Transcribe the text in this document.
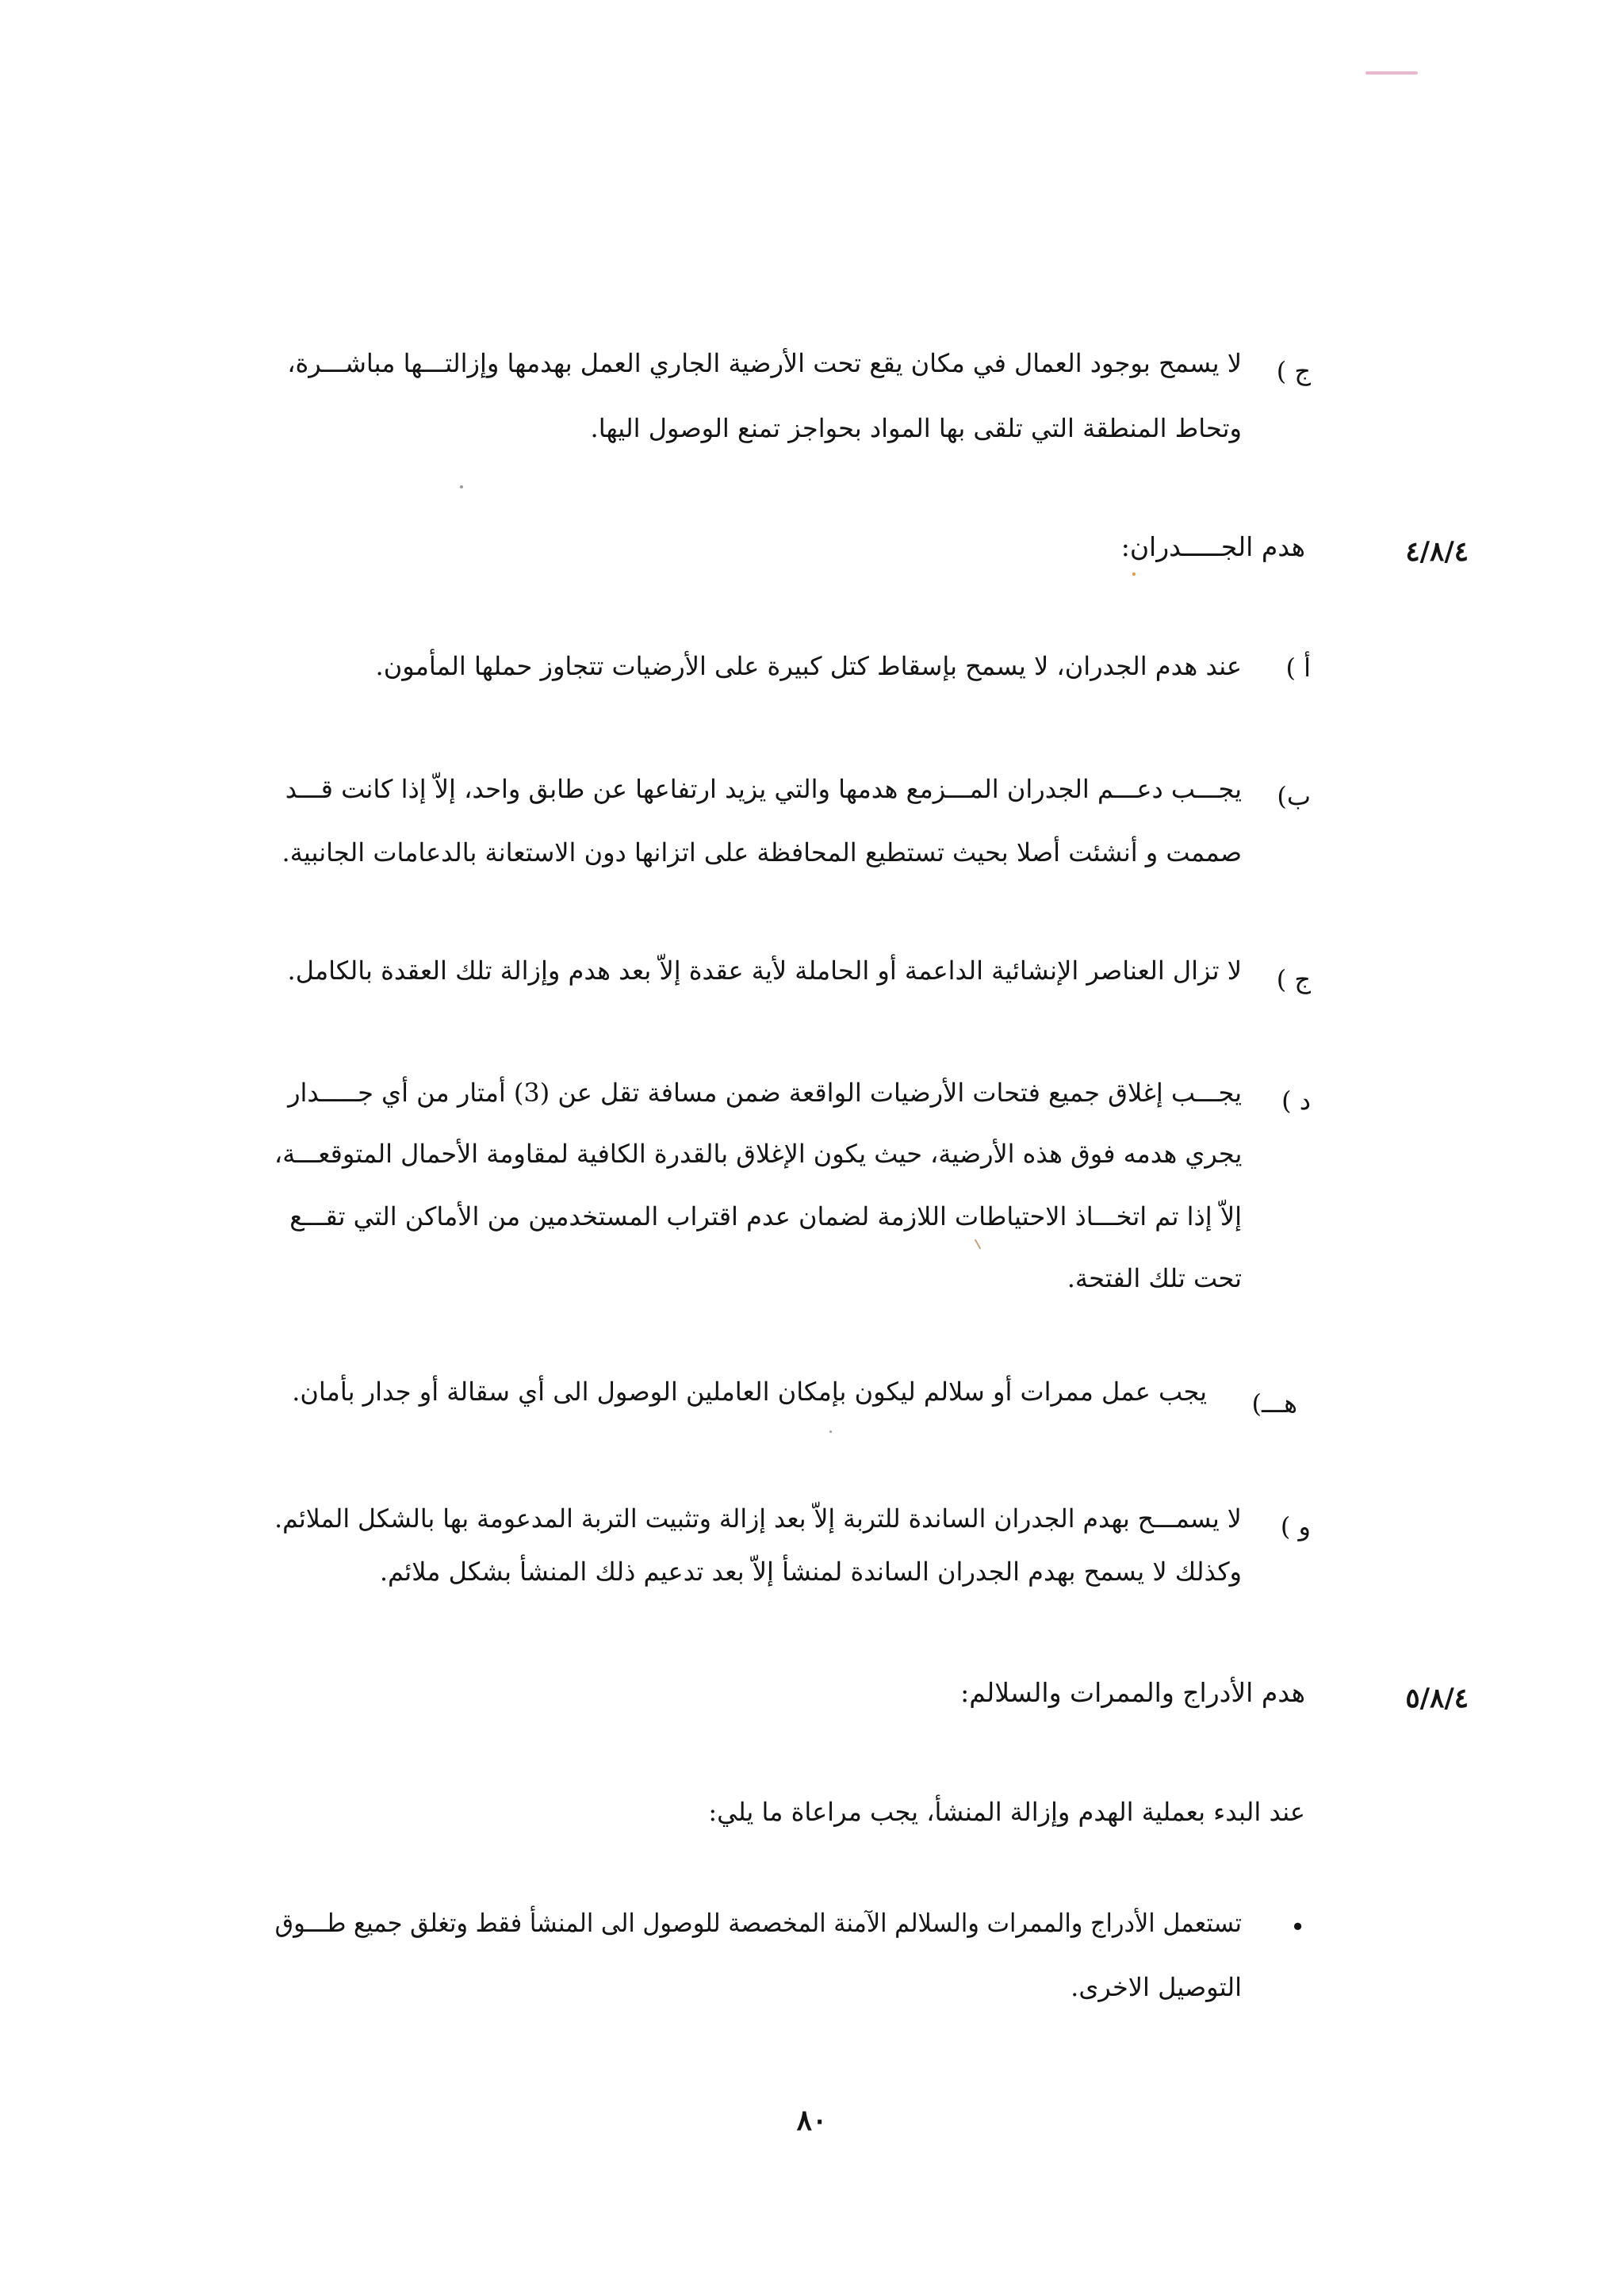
ج )
لا يسمح بوجود العمال في مكان يقع تحت الأرضية الجاري العمل بهدمها وإزالتـــها مباشـــرة،
وتحاط المنطقة التي تلقى بها المواد بحواجز تمنع الوصول اليها.
٤/٨/٤
هدم الجـــــدران:
أ )
عند هدم الجدران، لا يسمح بإسقاط كتل كبيرة على الأرضيات تتجاوز حملها المأمون.
ب)
يجـــب دعـــم الجدران المـــزمع هدمها والتي يزيد ارتفاعها عن طابق واحد، إلاّ إذا كانت قـــد
صممت و أنشئت أصلا بحيث تستطيع المحافظة على اتزانها دون الاستعانة بالدعامات الجانبية.
ج )
لا تزال العناصر الإنشائية الداعمة أو الحاملة لأية عقدة إلاّ بعد هدم وإزالة تلك العقدة بالكامل.
د )
يجـــب إغلاق جميع فتحات الأرضيات الواقعة ضمن مسافة تقل عن (3) أمتار من أي جـــــدار
يجري هدمه فوق هذه الأرضية، حيث يكون الإغلاق بالقدرة الكافية لمقاومة الأحمال المتوقعـــة،
إلاّ إذا تم اتخـــاذ الاحتياطات اللازمة لضمان عدم اقتراب المستخدمين من الأماكن التي تقـــع
تحت تلك الفتحة.
هـــ)
يجب عمل ممرات أو سلالم ليكون بإمكان العاملين الوصول الى أي سقالة أو جدار بأمان.
و )
لا يسمـــح بهدم الجدران الساندة للتربة إلاّ بعد إزالة وتثبيت التربة المدعومة بها بالشكل الملائم.
وكذلك لا يسمح بهدم الجدران الساندة لمنشأ إلاّ بعد تدعيم ذلك المنشأ بشكل ملائم.
٥/٨/٤
هدم الأدراج والممرات والسلالم:
عند البدء بعملية الهدم وإزالة المنشأ، يجب مراعاة ما يلي:
•
تستعمل الأدراج والممرات والسلالم الآمنة المخصصة للوصول الى المنشأ فقط وتغلق جميع طـــوق
التوصيل الاخرى.
٨٠
